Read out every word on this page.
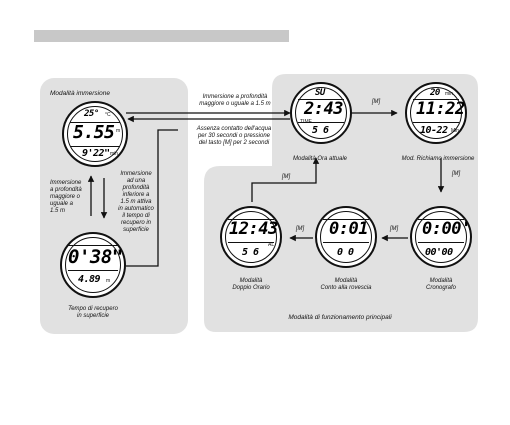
Modalità immersione
Modalità di funzionamento principali
25° °C
5.55 m
9'22" min
0'38"
4.89 m
SU
2:43
TIME
5 6
20 min
11:22
10-22 Min
12:43
AL
5 6
0:01
0 0
0:00'
00'00
Modalità Ora attuale	Mod. Richiamo immersione
Modalità
Doppio Orario
Modalità
Conto alla rovescia
Modalità
Cronografo
Tempo di recupero
in superficie
[M]
[M]
[M]
[M]
[M]
Immersione a profondità
maggiore o uguale a 1.5 m
Assenza contatto dell'acqua
per 30 secondi o pressione
del tasto [M] per 2 secondi
Immersione
a profondità
maggiore o
uguale a
1.5 m
Immersione
ad una
profondità
inferiore a
1.5 m attiva
in automatico
il tempo di
recupero in
superficie
